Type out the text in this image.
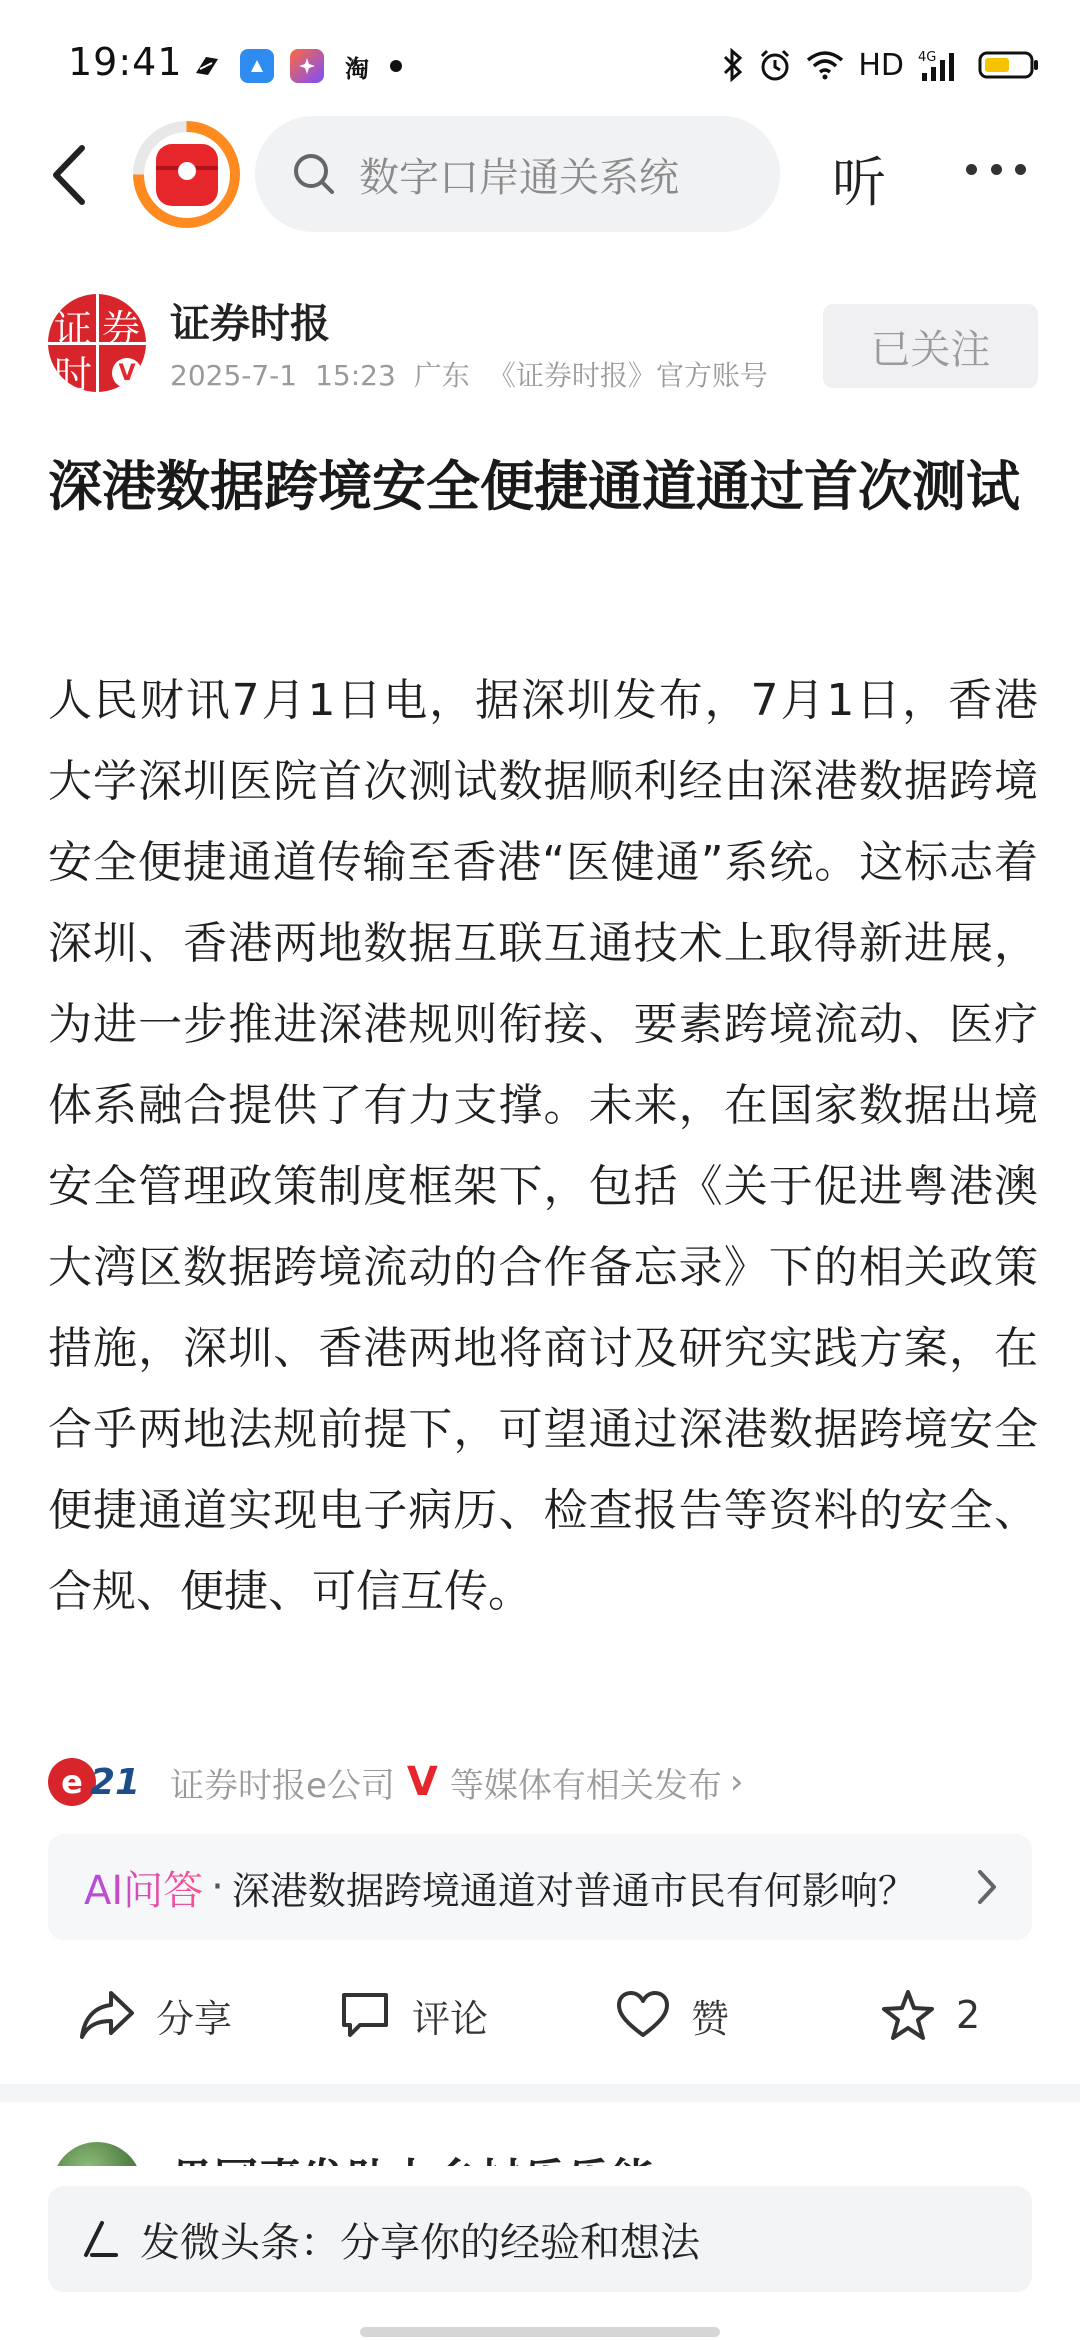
19:41	淘	HD 4G
数字口岸通关系统	听
证 券
时 V
证券时报
2025-7-1 15:23 广东 《证券时报》官方账号
已关注
深港数据跨境安全便捷通道通过首次测试

人民财讯7月1日电，据深圳发布，7月1日，香港大学深圳医院首次测试数据顺利经由深港数据跨境安全便捷通道传输至香港“医健通”系统。这标志着深圳、香港两地数据互联互通技术上取得新进展，为进一步推进深港规则衔接、要素跨境流动、医疗体系融合提供了有力支撑。未来，在国家数据出境安全管理政策制度框架下，包括《关于促进粤港澳大湾区数据跨境流动的合作备忘录》下的相关政策措施，深圳、香港两地将商讨及研究实践方案，在合乎两地法规前提下，可望通过深港数据跨境安全便捷通道实现电子病历、检查报告等资料的安全、合规、便捷、可信互传。

e 21 证券时报e公司 V 等媒体有相关发布 ›
AI问答 · 深港数据跨境通道对普通市民有何影响？
分享	评论	赞	2
发微头条：分享你的经验和想法
